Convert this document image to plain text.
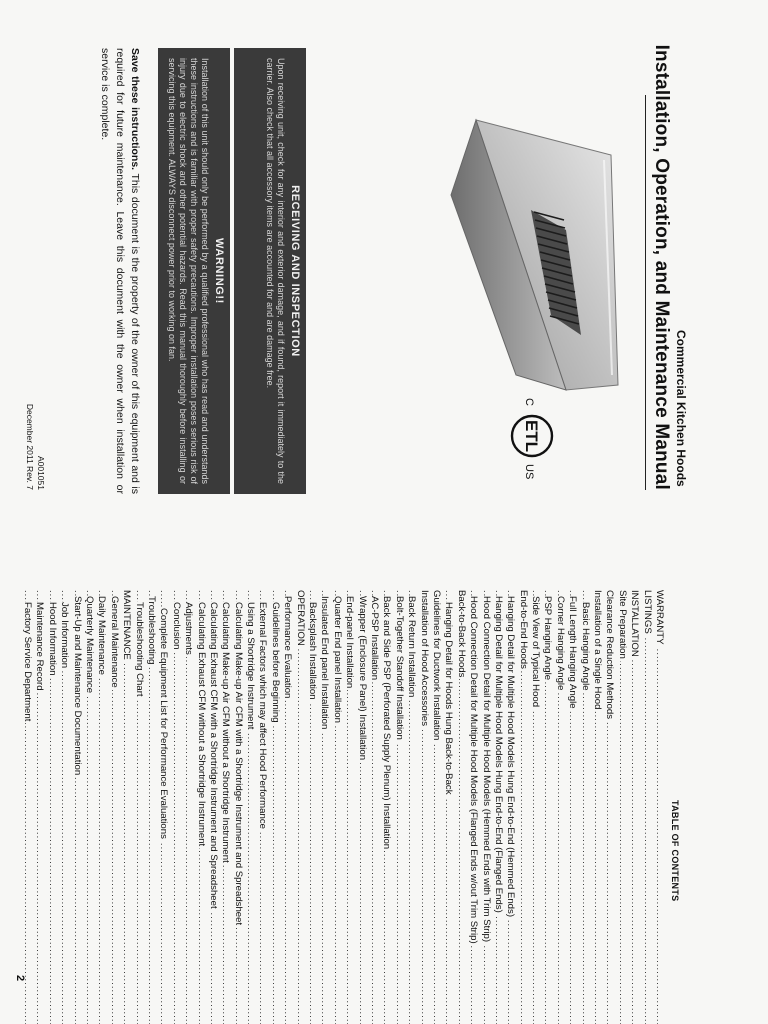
Commercial Kitchen Hoods
Installation, Operation, and Maintenance Manual
C
ETL
US
RECEIVING AND INSPECTION
Upon receiving unit, check for any interior and exterior damage, and if found, report it immediately to the carrier. Also check that all accessory items are accounted for and are damage free.
WARNING!!
Installation of this unit should only be performed by a qualified professional who has read and understands these instructions and is familiar with proper safety precautions. Improper installation poses serious risk of injury due to electric shock and other potential hazards. Read this manual thoroughly before installing or servicing this equipment. ALWAYS disconnect power prior to working on fan.
Save these instructions. This document is the property of the owner of this equipment and is required for future maintenance. Leave this document with the owner when installation or service is complete.
A001051
December 2011 Rev. 7
TABLE OF CONTENTS
WARRANTY .....
LISTINGS .....
INSTALLATION .....
Site Preparation .....
Clearance Reduction Methods .....
Installation of a Single Hood .....
Basic Hanging Angle .....
Full Length Hanging Angle .....
Corner Hanging Angle .....
PSP Hanging Angle .....
Side View of Typical Hood .....
End-to-End Hoods .....
Hanging Detail for Multiple Hood Models Hung End-to-End (Hemmed Ends) .....
Hanging Detail for Multiple Hood Models Hung End-to-End (Flanged Ends) .....
Hood Connection Detail for Multiple Hood Models (Hemmed Ends with Trim Strip) .....
Hood Connection Detail for Multiple Hood Models (Flanged Ends w/out Trim Strip) .....
Back-to-Back Hoods .....
Hanging Detail for Hoods Hung Back-to-Back .....
Guidelines for Ductwork Installation .....
Installation of Hood Accessories .....
Back Return Installation .....
Bolt-Together Standoff Installation .....
Back and Side PSP (Perforated Supply Plenum) Installation .....
AC-PSP Installation .....
Wrapper (Enclosure Panel) Installation .....
End-panel Installation .....
Quarter End panel Installation .....
Insulated End panel Installation .....
Backsplash Installation .....
OPERATION .....
Performance Evaluation .....
Guidelines before Beginning .....
External Factors which may affect Hood Performance .....
Using a Shortridge Instrument .....
Calculating Make-up Air CFM with a Shortridge Instrument and Spreadsheet .....
Calculating Make-up Air CFM without a Shortridge Instrument .....
Calculating Exhaust CFM with a Shortridge Instrument and Spreadsheet .....
Calculating Exhaust CFM without a Shortridge Instrument .....
Adjustments .....
Conclusion .....
Complete Equipment List for Performance Evaluations .....
Troubleshooting .....
Troubleshooting Chart .....
MAINTENANCE .....
General Maintenance .....
Daily Maintenance .....
Quarterly Maintenance .....
Start-Up and Maintenance Documentation .....
Job Information .....
Hood Information .....
Maintenance Record .....
Factory Service Department .....
2
